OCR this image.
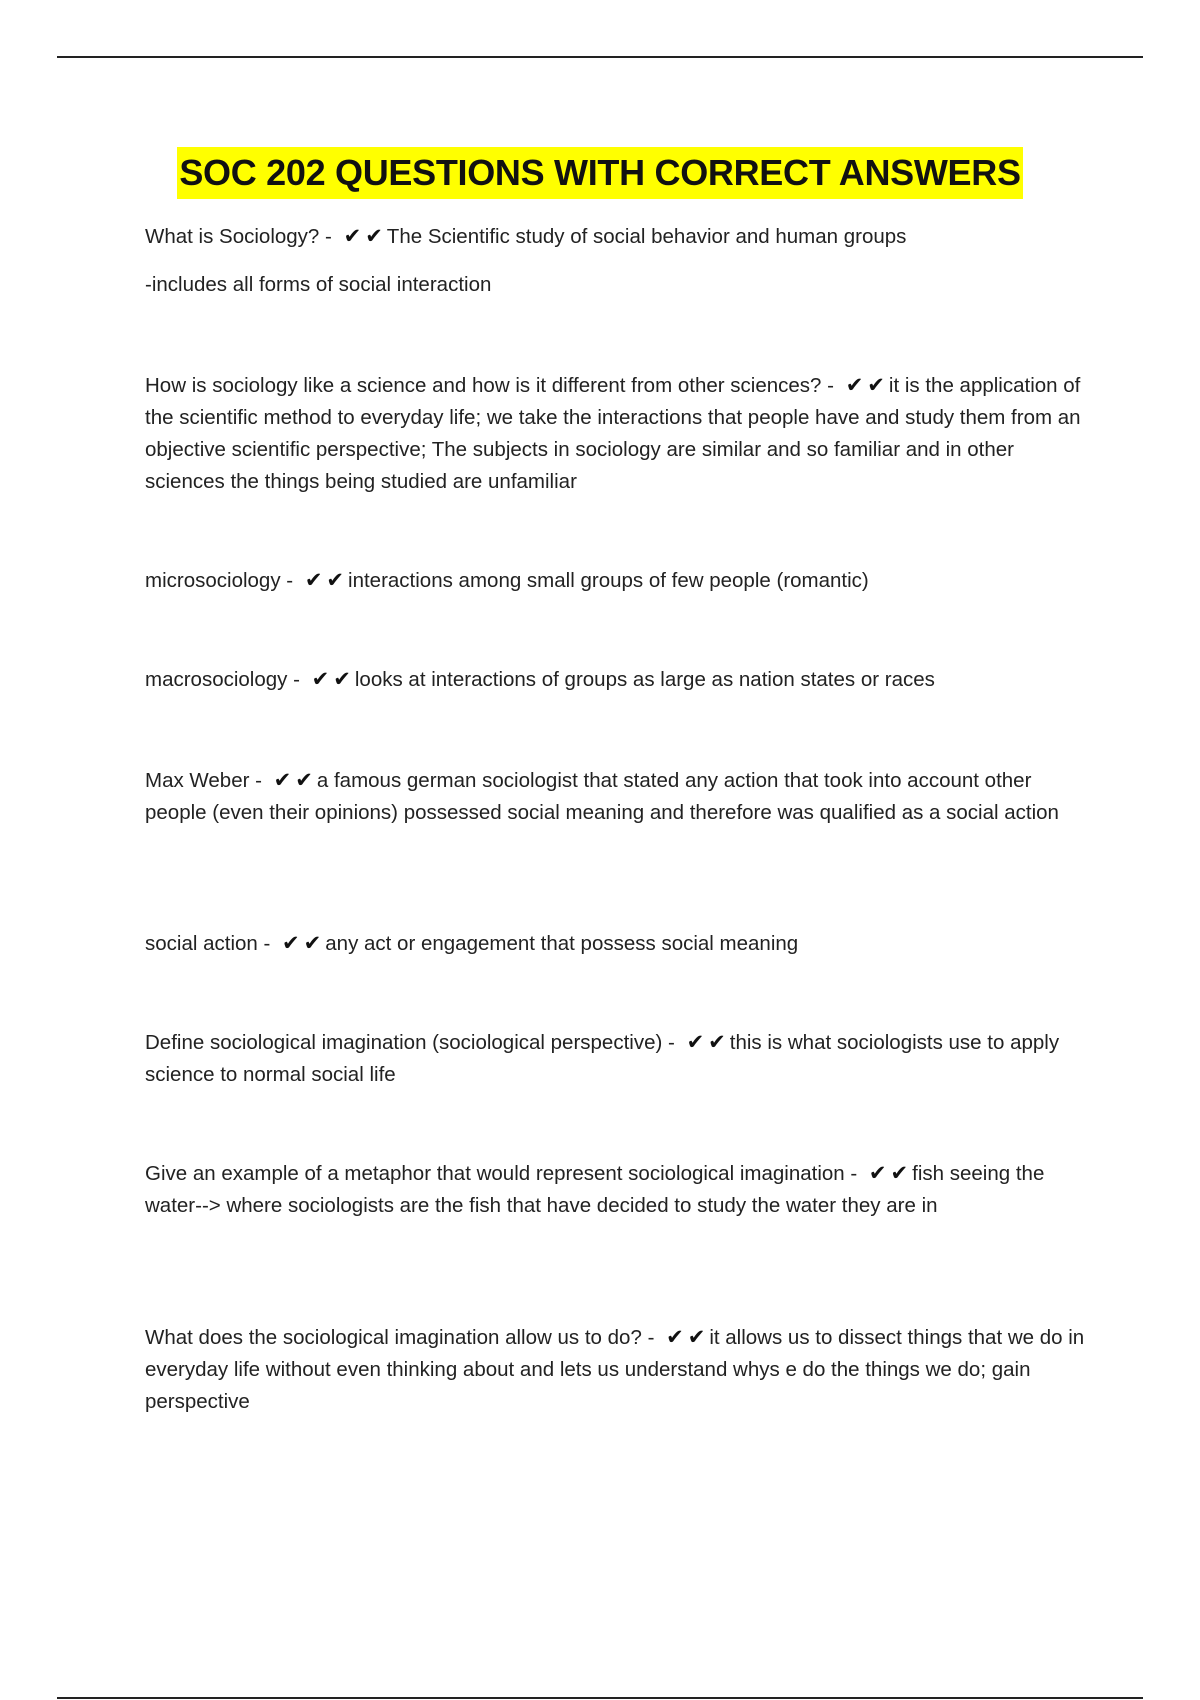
SOC 202 QUESTIONS WITH CORRECT ANSWERS

What is Sociology? - ✔ ✔ The Scientific study of social behavior and human groups

-includes all forms of social interaction

How is sociology like a science and how is it different from other sciences? - ✔ ✔ it is the application of the scientific method to everyday life; we take the interactions that people have and study them from an objective scientific perspective; The subjects in sociology are similar and so familiar and in other sciences the things being studied are unfamiliar

microsociology - ✔ ✔ interactions among small groups of few people (romantic)

macrosociology - ✔ ✔ looks at interactions of groups as large as nation states or races

Max Weber - ✔ ✔ a famous german sociologist that stated any action that took into account other people (even their opinions) possessed social meaning and therefore was qualified as a social action

social action - ✔ ✔ any act or engagement that possess social meaning

Define sociological imagination (sociological perspective) - ✔ ✔ this is what sociologists use to apply science to normal social life

Give an example of a metaphor that would represent sociological imagination - ✔ ✔ fish seeing the water--> where sociologists are the fish that have decided to study the water they are in

What does the sociological imagination allow us to do? - ✔ ✔ it allows us to dissect things that we do in everyday life without even thinking about and lets us understand whys e do the things we do; gain perspective
